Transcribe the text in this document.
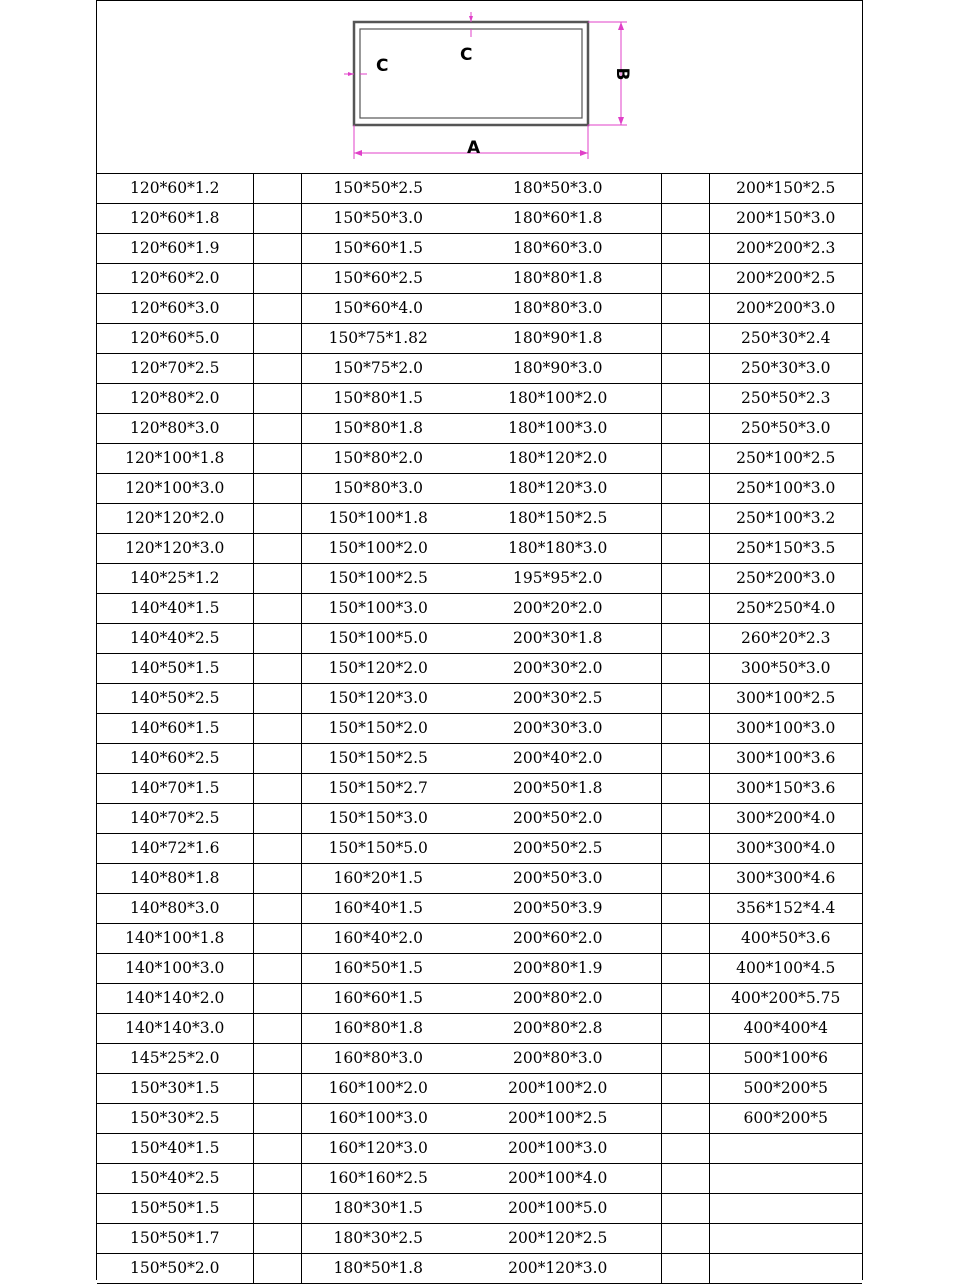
A
B
C
C
120*60*1.2		150*50*2.5	180*50*3.0		200*150*2.5
120*60*1.8		150*50*3.0	180*60*1.8		200*150*3.0
120*60*1.9		150*60*1.5	180*60*3.0		200*200*2.3
120*60*2.0		150*60*2.5	180*80*1.8		200*200*2.5
120*60*3.0		150*60*4.0	180*80*3.0		200*200*3.0
120*60*5.0		150*75*1.82	180*90*1.8		250*30*2.4
120*70*2.5		150*75*2.0	180*90*3.0		250*30*3.0
120*80*2.0		150*80*1.5	180*100*2.0		250*50*2.3
120*80*3.0		150*80*1.8	180*100*3.0		250*50*3.0
120*100*1.8		150*80*2.0	180*120*2.0		250*100*2.5
120*100*3.0		150*80*3.0	180*120*3.0		250*100*3.0
120*120*2.0		150*100*1.8	180*150*2.5		250*100*3.2
120*120*3.0		150*100*2.0	180*180*3.0		250*150*3.5
140*25*1.2		150*100*2.5	195*95*2.0		250*200*3.0
140*40*1.5		150*100*3.0	200*20*2.0		250*250*4.0
140*40*2.5		150*100*5.0	200*30*1.8		260*20*2.3
140*50*1.5		150*120*2.0	200*30*2.0		300*50*3.0
140*50*2.5		150*120*3.0	200*30*2.5		300*100*2.5
140*60*1.5		150*150*2.0	200*30*3.0		300*100*3.0
140*60*2.5		150*150*2.5	200*40*2.0		300*100*3.6
140*70*1.5		150*150*2.7	200*50*1.8		300*150*3.6
140*70*2.5		150*150*3.0	200*50*2.0		300*200*4.0
140*72*1.6		150*150*5.0	200*50*2.5		300*300*4.0
140*80*1.8		160*20*1.5	200*50*3.0		300*300*4.6
140*80*3.0		160*40*1.5	200*50*3.9		356*152*4.4
140*100*1.8		160*40*2.0	200*60*2.0		400*50*3.6
140*100*3.0		160*50*1.5	200*80*1.9		400*100*4.5
140*140*2.0		160*60*1.5	200*80*2.0		400*200*5.75
140*140*3.0		160*80*1.8	200*80*2.8		400*400*4
145*25*2.0		160*80*3.0	200*80*3.0		500*100*6
150*30*1.5		160*100*2.0	200*100*2.0		500*200*5
150*30*2.5		160*100*3.0	200*100*2.5		600*200*5
150*40*1.5		160*120*3.0	200*100*3.0		
150*40*2.5		160*160*2.5	200*100*4.0		
150*50*1.5		180*30*1.5	200*100*5.0		
150*50*1.7		180*30*2.5	200*120*2.5		
150*50*2.0		180*50*1.8	200*120*3.0		
